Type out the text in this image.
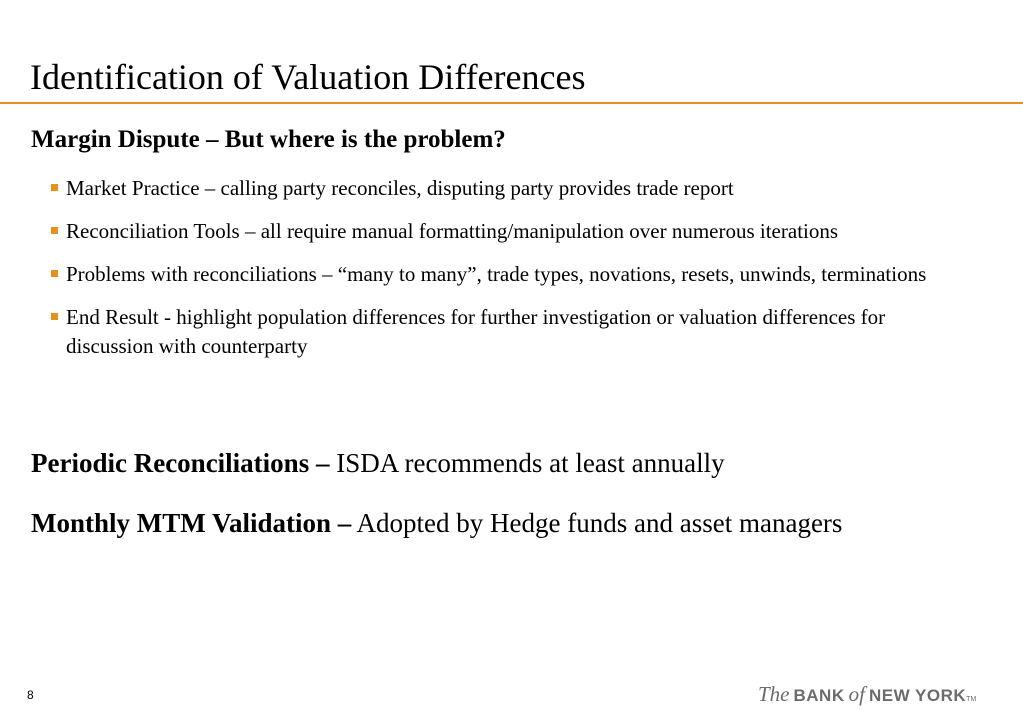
Identification of Valuation Differences
Margin Dispute – But where is the problem?
Market Practice – calling party reconciles, disputing party provides trade report
Reconciliation Tools – all require manual formatting/manipulation over numerous iterations
Problems with reconciliations – “many to many”, trade types, novations, resets, unwinds, terminations
End Result - highlight population differences for further investigation or valuation differences for discussion with counterparty
Periodic Reconciliations – ISDA recommends at least annually
Monthly MTM Validation – Adopted by Hedge funds and asset managers
8	The BANK of NEW YORKTM
